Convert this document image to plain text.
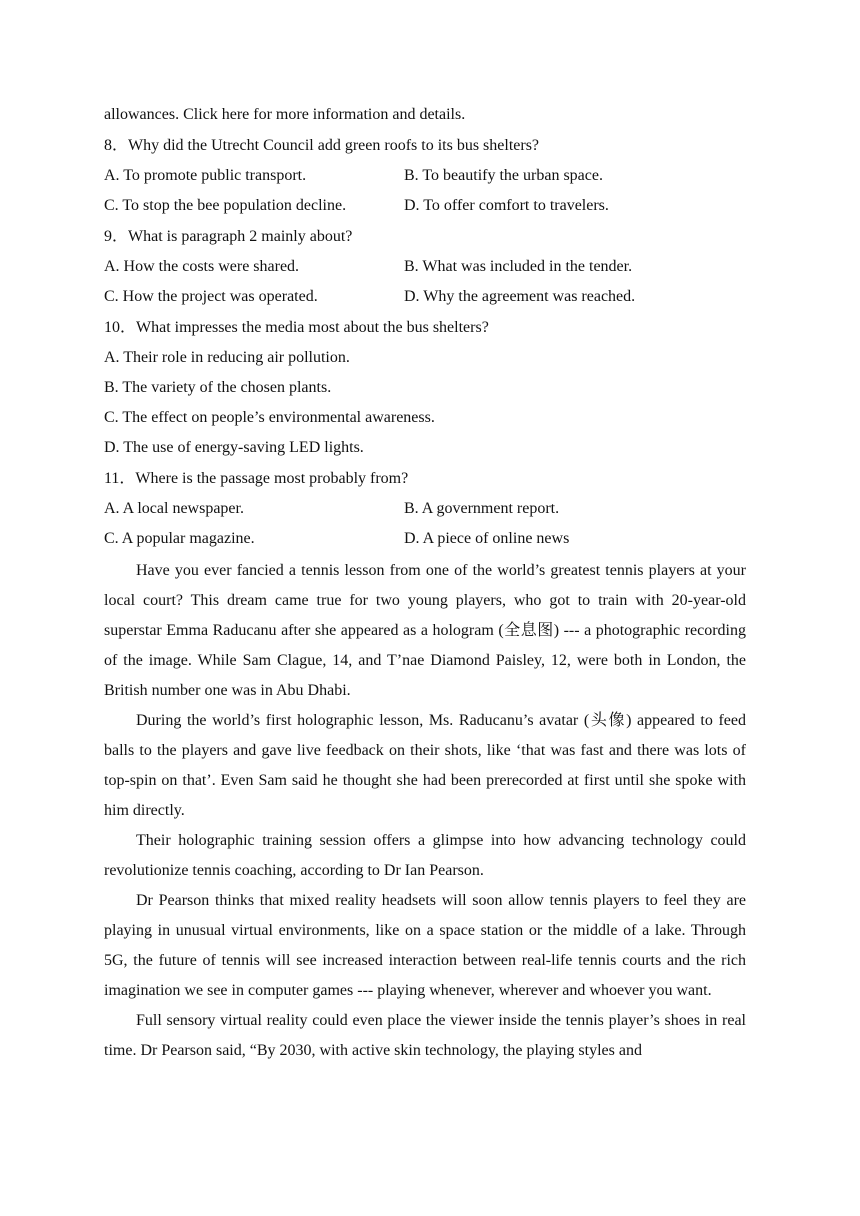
allowances. Click here for more information and details.
8．Why did the Utrecht Council add green roofs to its bus shelters?
A. To promote public transport.	B. To beautify the urban space.
C. To stop the bee population decline.	D. To offer comfort to travelers.
9．What is paragraph 2 mainly about?
A. How the costs were shared.	B. What was included in the tender.
C. How the project was operated.	D. Why the agreement was reached.
10．What impresses the media most about the bus shelters?
A. Their role in reducing air pollution.
B. The variety of the chosen plants.
C. The effect on people’s environmental awareness.
D. The use of energy-saving LED lights.
11．Where is the passage most probably from?
A. A local newspaper.	B. A government report.
C. A popular magazine.	D. A piece of online news

Have you ever fancied a tennis lesson from one of the world’s greatest tennis players at your local court? This dream came true for two young players, who got to train with 20-year-old superstar Emma Raducanu after she appeared as a hologram (全息图) --- a photographic recording of the image. While Sam Clague, 14, and T’nae Diamond Paisley, 12, were both in London, the British number one was in Abu Dhabi.

During the world’s first holographic lesson, Ms. Raducanu’s avatar (头像) appeared to feed balls to the players and gave live feedback on their shots, like ‘that was fast and there was lots of top-spin on that’. Even Sam said he thought she had been prerecorded at first until she spoke with him directly.

Their holographic training session offers a glimpse into how advancing technology could revolutionize tennis coaching, according to Dr Ian Pearson.

Dr Pearson thinks that mixed reality headsets will soon allow tennis players to feel they are playing in unusual virtual environments, like on a space station or the middle of a lake. Through 5G, the future of tennis will see increased interaction between real-life tennis courts and the rich imagination we see in computer games --- playing whenever, wherever and whoever you want.

Full sensory virtual reality could even place the viewer inside the tennis player’s shoes in real time. Dr Pearson said, “By 2030, with active skin technology, the playing styles and
